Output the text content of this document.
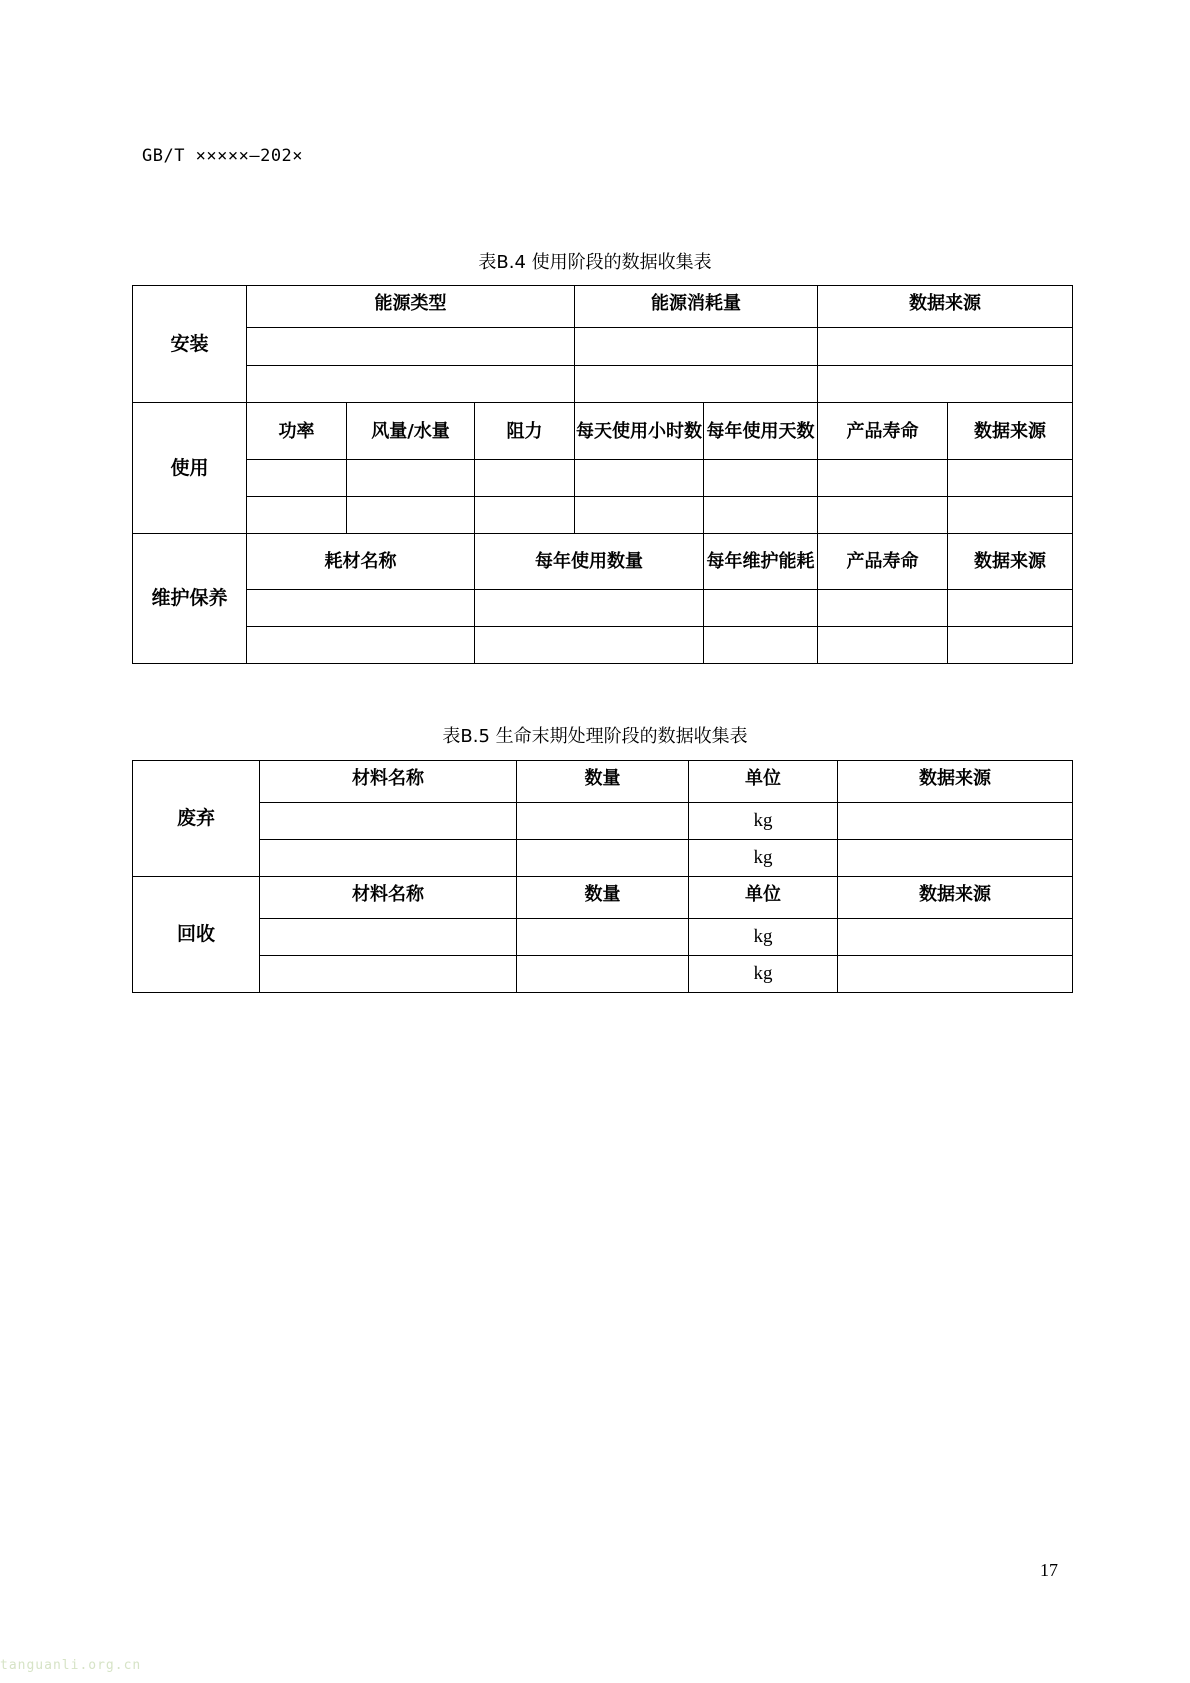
GB/T ×××××—202×
表B.4 使用阶段的数据收集表
安装	能源类型			能源消耗量		数据来源	

使用	功率	风量/水量	阻力	每天使用小时数	每年使用天数	产品寿命	数据来源

维护保养	耗材名称		每年使用数量		每年维护能耗	产品寿命	数据来源

表B.5 生命末期处理阶段的数据收集表
废弃	材料名称	数量	单位	数据来源
			kg	
			kg	
回收	材料名称	数量	单位	数据来源
			kg	
			kg	
17
tanguanli.org.cn
